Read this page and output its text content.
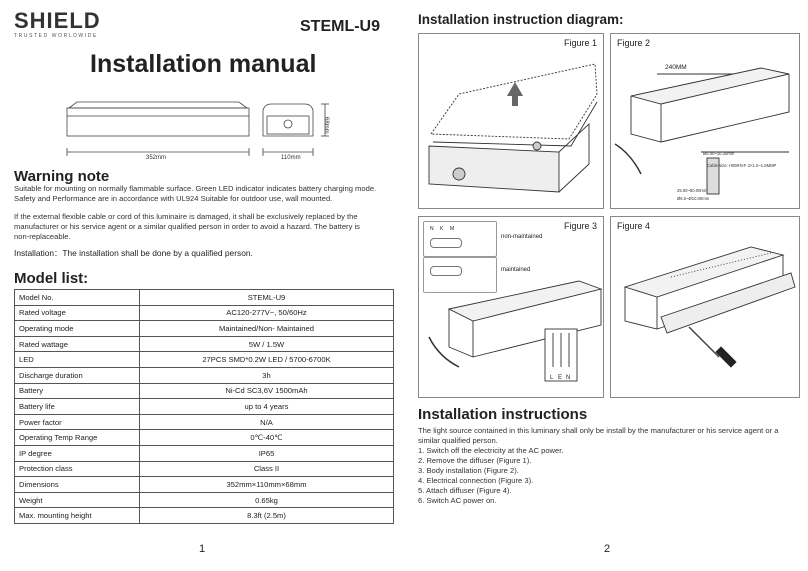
SHIELD
TRUSTED WORLDWIDE
STEML-U9
Installation manual
352mm	110mm
68mm
Warning note
Suitable for mounting on normally flammable surface. Green LED indicator indicates battery charging mode.
Safety and Performance are in accordance with UL924 Suitable for outdoor use, wall mounted.
If the external flexible cable or cord of this luminaire is damaged, it shall be exclusively replaced by the
manufacturer or his service agent or a similar qualified person in order to avoid a hazard. The battery is
non-replaceable.
Installation：The installation shall be done by a qualified person.
Model list:
Model No.	STEML-U9
Rated voltage	AC120-277V~, 50/60Hz
Operating mode	Maintained/Non- Maintained
Rated wattage	5W / 1.5W
LED	27PCS SMD*0.2W LED / 5700-6700K
Discharge duration	3h
Battery	Ni-Cd SC3,6V 1500mAh
Battery life	up to 4 years
Power factor	N/A
Operating Temp Range	0℃-40℃
IP degree	IP65
Protection class	Class II
Dimensions	352mm×110mm×68mm
Weight	0.65kg
Max. mounting height	8.3ft (2.5m)
1	2
Installation instruction diagram:
Figure 1 Figure 2
240MM
Ø6.00~10.30mm
Cable size: H05RN-F 2×1.0~1.5MMP
25.00~50.00mm
Ø6.5~Ø10.00mm
Figure 3
N K M
non-maintained
maintained
L E N
Figure 4
Installation instructions
The light source contained in this luminary shall only be install by the manufacturer or his service agent or a
similar qualified person.
1. Switch off the electricity at the AC power.
2. Remove the diffuser (Figure 1).
3. Body installation (Figure 2).
4. Electrical connection (Figure 3).
5. Attach diffuser (Figure 4).
6. Switch AC power on.
